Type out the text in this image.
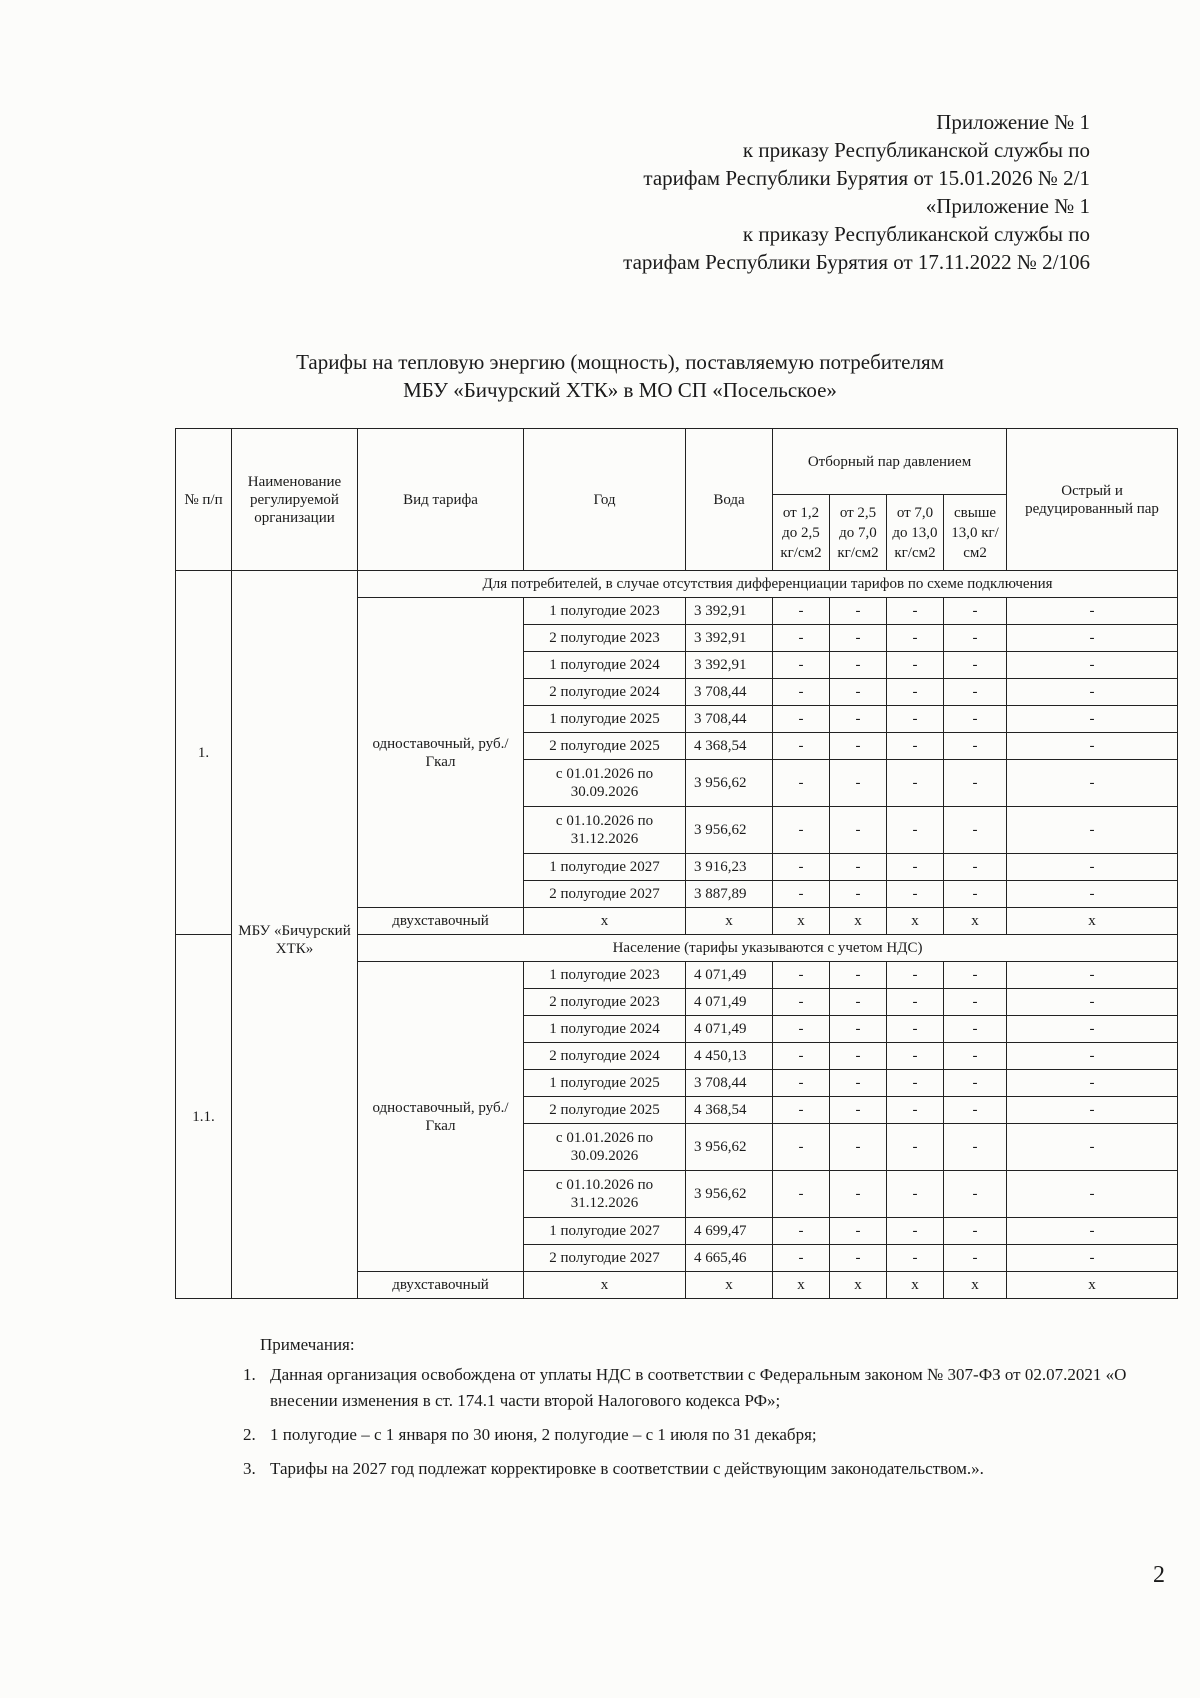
Приложение № 1
к приказу Республиканской службы по
тарифам Республики Бурятия от 15.01.2026 № 2/1
«Приложение № 1
к приказу Республиканской службы по
тарифам Республики Бурятия от 17.11.2022 № 2/106
Тарифы на тепловую энергию (мощность), поставляемую потребителям
МБУ «Бичурский ХТК» в МО СП «Посельское»
№ п/п	Наименование регулируемой организации	Вид тарифа	Год	Вода	Отборный пар давлением				Острый и редуцированный пар
					от 1,2 до 2,5 кг/см2	от 2,5 до 7,0 кг/см2	от 7,0 до 13,0 кг/см2	свыше 13,0 кг/см2	
1.	МБУ «Бичурский ХТК»	Для потребителей, в случае отсутствия дифференциации тарифов по схеме подключения							
		одноставочный, руб./Гкал	1 полугодие 2023	3 392,91	-	-	-	-	-
			2 полугодие 2023	3 392,91	-	-	-	-	-
			1 полугодие 2024	3 392,91	-	-	-	-	-
			2 полугодие 2024	3 708,44	-	-	-	-	-
			1 полугодие 2025	3 708,44	-	-	-	-	-
			2 полугодие 2025	4 368,54	-	-	-	-	-
			с 01.01.2026 по 30.09.2026	3 956,62	-	-	-	-	-
			с 01.10.2026 по 31.12.2026	3 956,62	-	-	-	-	-
			1 полугодие 2027	3 916,23	-	-	-	-	-
			2 полугодие 2027	3 887,89	-	-	-	-	-
		двухставочный	х	х	х	х	х	х	х
1.1.		Население (тарифы указываются с учетом НДС)							
		одноставочный, руб./Гкал	1 полугодие 2023	4 071,49	-	-	-	-	-
			2 полугодие 2023	4 071,49	-	-	-	-	-
			1 полугодие 2024	4 071,49	-	-	-	-	-
			2 полугодие 2024	4 450,13	-	-	-	-	-
			1 полугодие 2025	3 708,44	-	-	-	-	-
			2 полугодие 2025	4 368,54	-	-	-	-	-
			с 01.01.2026 по 30.09.2026	3 956,62	-	-	-	-	-
			с 01.10.2026 по 31.12.2026	3 956,62	-	-	-	-	-
			1 полугодие 2027	4 699,47	-	-	-	-	-
			2 полугодие 2027	4 665,46	-	-	-	-	-
		двухставочный	х	х	х	х	х	х	х
Примечания:
1. Данная организация освобождена от уплаты НДС в соответствии с Федеральным законом № 307-ФЗ от 02.07.2021 «О внесении изменения в ст. 174.1 части второй Налогового кодекса РФ»;
2. 1 полугодие – с 1 января по 30 июня, 2 полугодие – с 1 июля по 31 декабря;
3. Тарифы на 2027 год подлежат корректировке в соответствии с действующим законодательством.».
2
